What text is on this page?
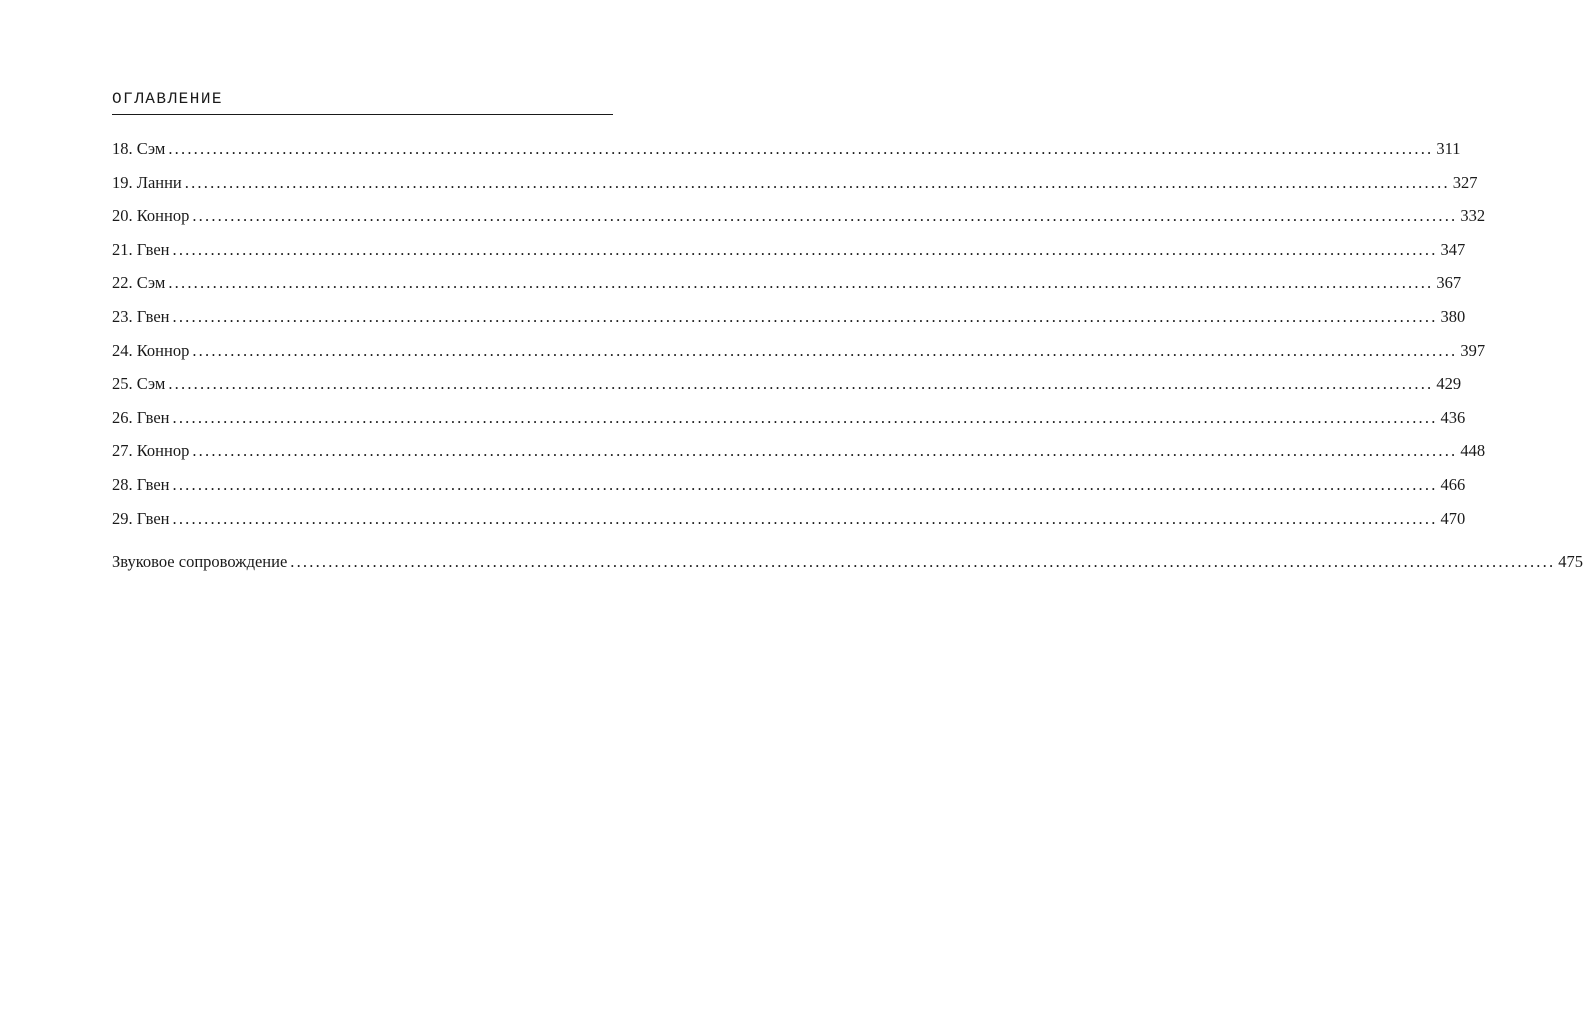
ОГЛАВЛЕНИЕ
18. Сэм ........................................................................................................................................................................................................ 311
19. Ланни ........................................................................................................................................................................................................ 327
20. Коннор ........................................................................................................................................................................................................ 332
21. Гвен ........................................................................................................................................................................................................ 347
22. Сэм ........................................................................................................................................................................................................ 367
23. Гвен ........................................................................................................................................................................................................ 380
24. Коннор ........................................................................................................................................................................................................ 397
25. Сэм ........................................................................................................................................................................................................ 429
26. Гвен ........................................................................................................................................................................................................ 436
27. Коннор ........................................................................................................................................................................................................ 448
28. Гвен ........................................................................................................................................................................................................ 466
29. Гвен ........................................................................................................................................................................................................ 470
Звуковое сопровождение ........................................................................................................................................................................................................ 475
